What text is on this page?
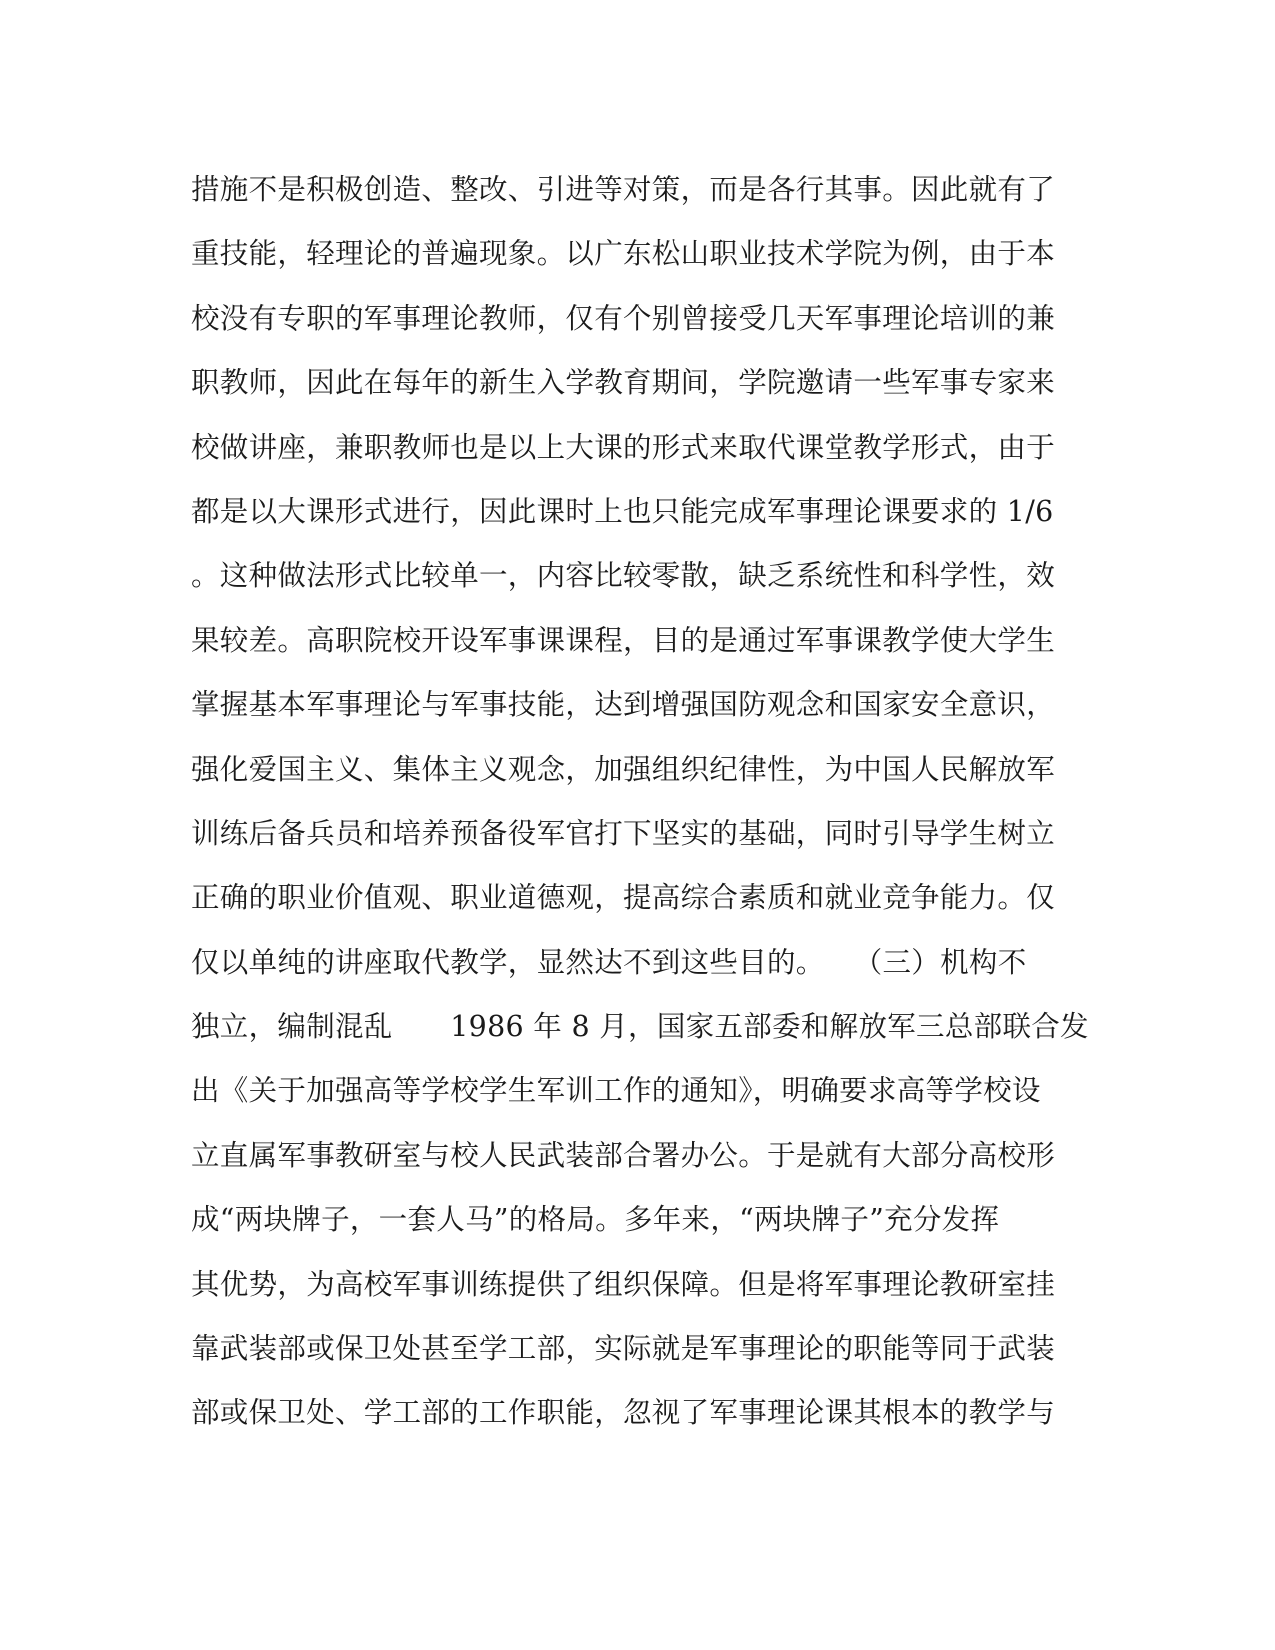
措施不是积极创造、整改、引进等对策，而是各行其事。因此就有了
重技能，轻理论的普遍现象。以广东松山职业技术学院为例，由于本
校没有专职的军事理论教师，仅有个别曾接受几天军事理论培训的兼
职教师，因此在每年的新生入学教育期间，学院邀请一些军事专家来
校做讲座，兼职教师也是以上大课的形式来取代课堂教学形式，由于
都是以大课形式进行，因此课时上也只能完成军事理论课要求的 1/6
。这种做法形式比较单一，内容比较零散，缺乏系统性和科学性，效
果较差。高职院校开设军事课课程，目的是通过军事课教学使大学生
掌握基本军事理论与军事技能，达到增强国防观念和国家安全意识，
强化爱国主义、集体主义观念，加强组织纪律性，为中国人民解放军
训练后备兵员和培养预备役军官打下坚实的基础，同时引导学生树立
正确的职业价值观、职业道德观，提高综合素质和就业竞争能力。仅
仅以单纯的讲座取代教学，显然达不到这些目的。　　（三）机构不
独立，编制混乱　　1986 年 8 月，国家五部委和解放军三总部联合发
出《关于加强高等学校学生军训工作的通知》，明确要求高等学校设
立直属军事教研室与校人民武装部合署办公。于是就有大部分高校形
成“两块牌子，一套人马”的格局。多年来，“两块牌子”充分发挥
其优势，为高校军事训练提供了组织保障。但是将军事理论教研室挂
靠武装部或保卫处甚至学工部，实际就是军事理论的职能等同于武装
部或保卫处、学工部的工作职能，忽视了军事理论课其根本的教学与
